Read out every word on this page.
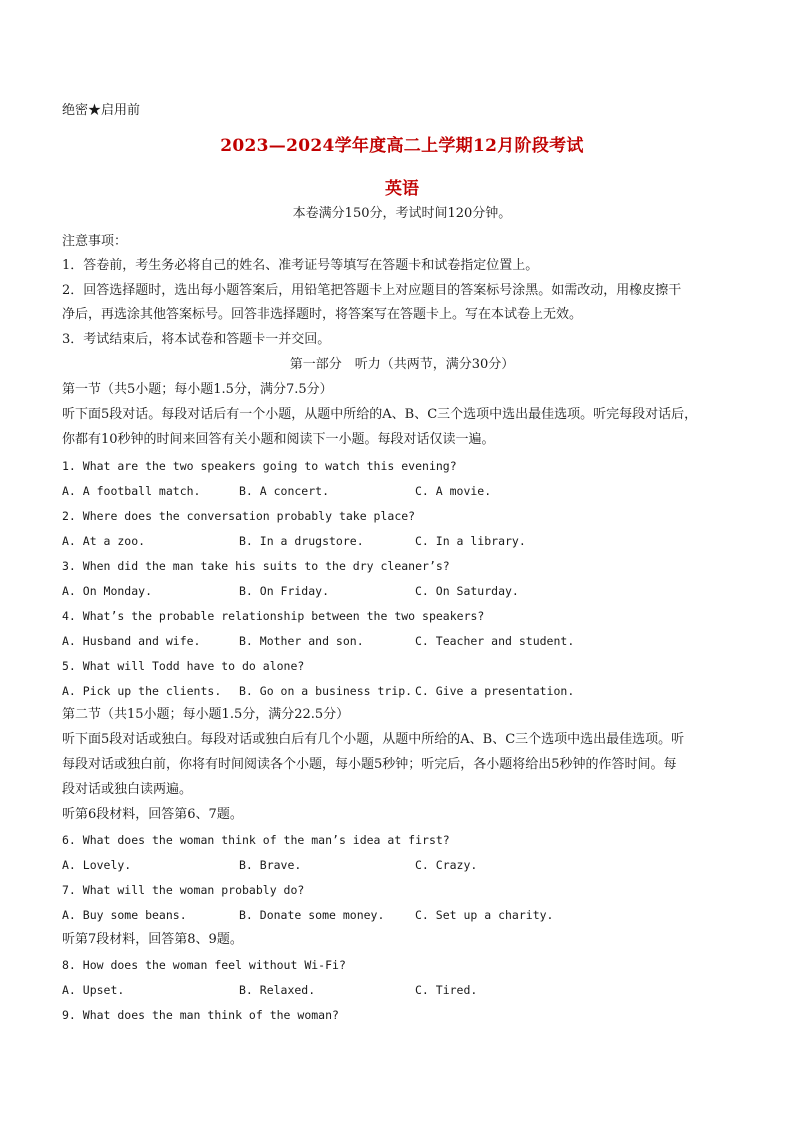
绝密★启用前
2023—2024学年度高二上学期12月阶段考试
英语
本卷满分150分，考试时间120分钟。
注意事项：
1．答卷前，考生务必将自己的姓名、准考证号等填写在答题卡和试卷指定位置上。
2．回答选择题时，选出每小题答案后，用铅笔把答题卡上对应题目的答案标号涂黑。如需改动，用橡皮擦干
净后，再选涂其他答案标号。回答非选择题时，将答案写在答题卡上。写在本试卷上无效。
3．考试结束后，将本试卷和答题卡一并交回。
第一部分　听力（共两节，满分30分）
第一节（共5小题；每小题1.5分，满分7.5分）
听下面5段对话。每段对话后有一个小题，从题中所给的A、B、C三个选项中选出最佳选项。听完每段对话后，
你都有10秒钟的时间来回答有关小题和阅读下一小题。每段对话仅读一遍。
1. What are the two speakers going to watch this evening?
A. A football match.	B. A concert.	C. A movie.
2. Where does the conversation probably take place?
A. At a zoo.	B. In a drugstore.	C. In a library.
3. When did the man take his suits to the dry cleaner’s?
A. On Monday.	B. On Friday.	C. On Saturday.
4. What’s the probable relationship between the two speakers?
A. Husband and wife.	B. Mother and son.	C. Teacher and student.
5. What will Todd have to do alone?
A. Pick up the clients. B. Go on a business trip. C. Give a presentation.
第二节（共15小题；每小题1.5分，满分22.5分）
听下面5段对话或独白。每段对话或独白后有几个小题，从题中所给的A、B、C三个选项中选出最佳选项。听
每段对话或独白前，你将有时间阅读各个小题，每小题5秒钟；听完后，各小题将给出5秒钟的作答时间。每
段对话或独白读两遍。
听第6段材料，回答第6、7题。
6. What does the woman think of the man’s idea at first?
A. Lovely.	B. Brave.	C. Crazy.
7. What will the woman probably do?
A. Buy some beans.	B. Donate some money.	C. Set up a charity.
听第7段材料，回答第8、9题。
8. How does the woman feel without Wi-Fi?
A. Upset.	B. Relaxed.	C. Tired.
9. What does the man think of the woman?
